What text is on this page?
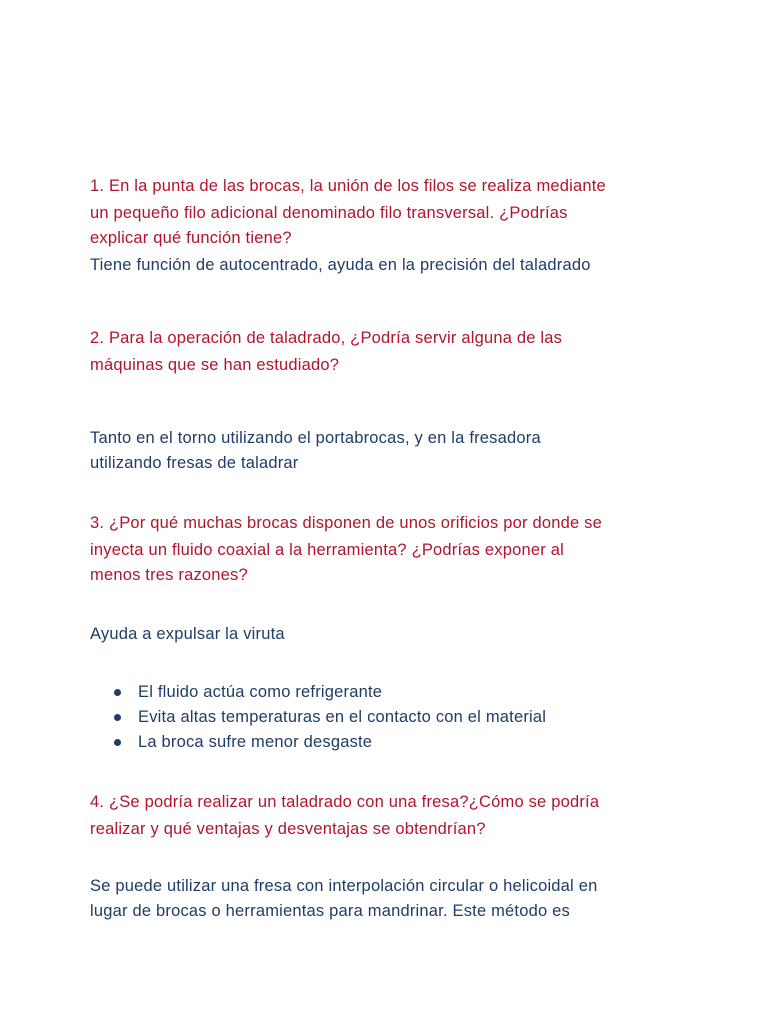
1. En la punta de las brocas, la unión de los filos se realiza mediante
un pequeño filo adicional denominado filo transversal. ¿Podrías
explicar qué función tiene?
Tiene función de autocentrado, ayuda en la precisión del taladrado
2. Para la operación de taladrado, ¿Podría servir alguna de las
máquinas que se han estudiado?
Tanto en el torno utilizando el portabrocas, y en la fresadora
utilizando fresas de taladrar
3. ¿Por qué muchas brocas disponen de unos orificios por donde se
inyecta un fluido coaxial a la herramienta? ¿Podrías exponer al
menos tres razones?
Ayuda a expulsar la viruta
El fluido actúa como refrigerante
Evita altas temperaturas en el contacto con el material
La broca sufre menor desgaste
4. ¿Se podría realizar un taladrado con una fresa?¿Cómo se podría
realizar y qué ventajas y desventajas se obtendrían?
Se puede utilizar una fresa con interpolación circular o helicoidal en
lugar de brocas o herramientas para mandrinar. Este método es
